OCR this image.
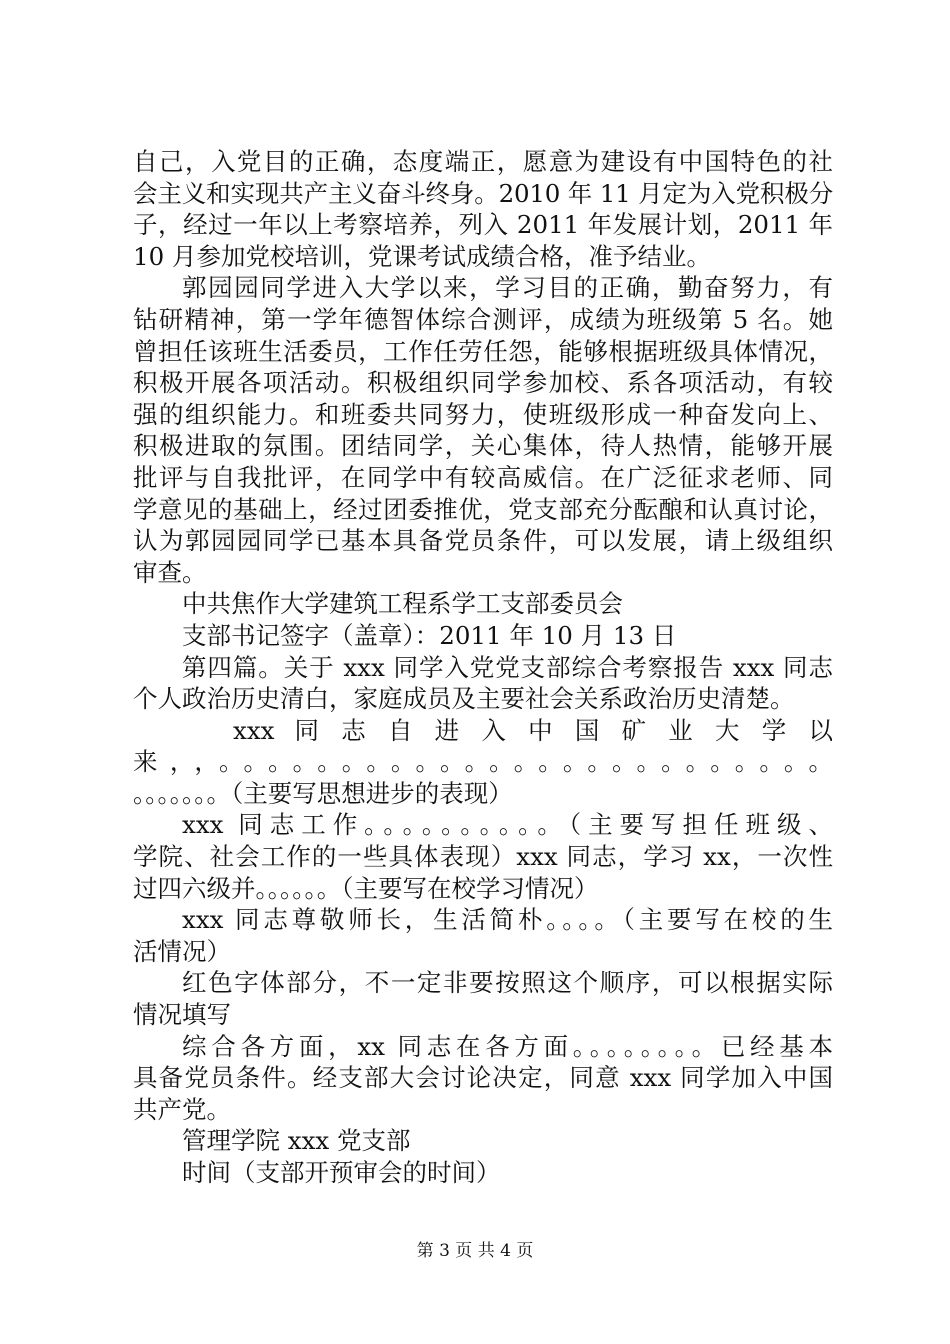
自己，入党目的正确，态度端正，愿意为建设有中国特色的社
会主义和实现共产主义奋斗终身。2010 年 11 月定为入党积极分
子，经过一年以上考察培养，列入 2011 年发展计划，2011 年
10 月参加党校培训，党课考试成绩合格，准予结业。
郭园园同学进入大学以来，学习目的正确，勤奋努力，有
钻研精神，第一学年德智体综合测评，成绩为班级第 5 名。她
曾担任该班生活委员，工作任劳任怨，能够根据班级具体情况，
积极开展各项活动。积极组织同学参加校、系各项活动，有较
强的组织能力。和班委共同努力，使班级形成一种奋发向上、
积极进取的氛围。团结同学，关心集体，待人热情，能够开展
批评与自我批评，在同学中有较高威信。在广泛征求老师、同
学意见的基础上，经过团委推优，党支部充分酝酿和认真讨论，
认为郭园园同学已基本具备党员条件，可以发展，请上级组织
审查。
中共焦作大学建筑工程系学工支部委员会
支部书记签字（盖章）：2011 年 10 月 13 日
第四篇。关于 xxx 同学入党党支部综合考察报告 xxx 同志
个人政治历史清白，家庭成员及主要社会关系政治历史清楚。
xxx  同  志  自  进  入  中  国  矿  业  大  学  以
来，，。。。。。。。。。。。。。。。。。。。。。。。。。
。。。。。。。（主要写思想进步的表现）
xxx 同志工作。。。。。。。。。。（主要写担任班级、
学院、社会工作的一些具体表现）xxx 同志，学习 xx，一次性
过四六级并。。。。。。（主要写在校学习情况）
xxx 同志尊敬师长，生活简朴。。。。（主要写在校的生
活情况）
红色字体部分，不一定非要按照这个顺序，可以根据实际
情况填写
综合各方面，xx 同志在各方面。。。。。。。。已经基本
具备党员条件。经支部大会讨论决定，同意 xxx 同学加入中国
共产党。
管理学院 xxx 党支部
时间（支部开预审会的时间）
第 3 页 共 4 页
